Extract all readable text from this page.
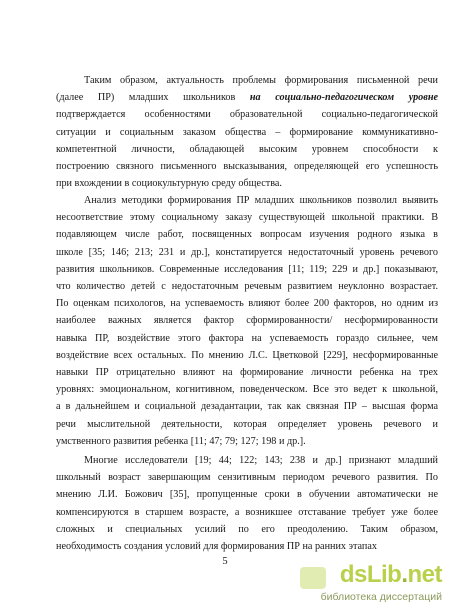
Таким образом, актуальность проблемы формирования письменной речи
(далее ПР) младших школьников на социально-педагогическом уровне
подтверждается особенностями образовательной социально-педагогической
ситуации и социальным заказом общества – формирование коммуникативно-
компетентной личности, обладающей высоким уровнем способности к
построению связного письменного высказывания, определяющей его успешность
при вхождении в социокультурную среду общества.
Анализ методики формирования ПР младших школьников позволил выявить
несоответствие этому социальному заказу существующей школьной практики. В
подавляющем числе работ, посвященных вопросам изучения родного языка в
школе [35; 146; 213; 231 и др.], констатируется недостаточный уровень речевого
развития школьников. Современные исследования [11; 119; 229 и др.] показывают,
что количество детей с недостаточным речевым развитием неуклонно возрастает.
По оценкам психологов, на успеваемость влияют более 200 факторов, но одним из
наиболее важных является фактор сформированности/ несформированности
навыка ПР, воздействие этого фактора на успеваемость гораздо сильнее, чем
воздействие всех остальных. По мнению Л.С. Цветковой [229], несформированные
навыки ПР отрицательно влияют на формирование личности ребенка на трех
уровнях: эмоциональном, когнитивном, поведенческом. Все это ведет к школьной,
а в дальнейшем и социальной дезадантации, так как связная ПР – высшая форма
речи мыслительной деятельности, которая определяет уровень речевого и
умственного развития ребенка [11; 47; 79; 127; 198 и др.].
Многие исследователи [19; 44; 122; 143; 238 и др.] признают младший
школьный возраст завершающим сензитивным периодом речевого развития. По
мнению Л.И. Божович [35], пропущенные сроки в обучении автоматически не
компенсируются в старшем возрасте, а возникшее отставание требует уже более
сложных и специальных усилий по его преодолению. Таким образом,
необходимость создания условий для формирования ПР на ранних этапах
5	dsLib.net
библиотека диссертаций
